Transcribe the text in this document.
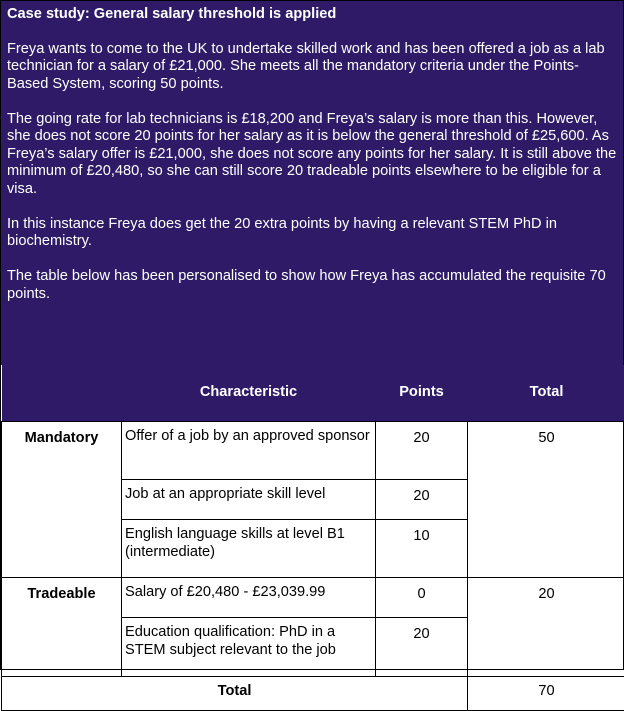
Case study: General salary threshold is applied

Freya wants to come to the UK to undertake skilled work and has been offered a job as a lab technician for a salary of £21,000. She meets all the mandatory criteria under the Points-Based System, scoring 50 points.

The going rate for lab technicians is £18,200 and Freya’s salary is more than this. However, she does not score 20 points for her salary as it is below the general threshold of £25,600. As Freya’s salary offer is £21,000, she does not score any points for her salary. It is still above the minimum of £20,480, so she can still score 20 tradeable points elsewhere to be eligible for a visa.

In this instance Freya does get the 20 extra points by having a relevant STEM PhD in biochemistry.

The table below has been personalised to show how Freya has accumulated the requisite 70 points.

	Characteristic	Points	Total
Mandatory	Offer of a job by an approved sponsor	20	50
	Job at an appropriate skill level	20	
	English language skills at level B1 (intermediate)	10	
Tradeable	Salary of £20,480 - £23,039.99	0	20
	Education qualification: PhD in a STEM subject relevant to the job	20	
Total			70
